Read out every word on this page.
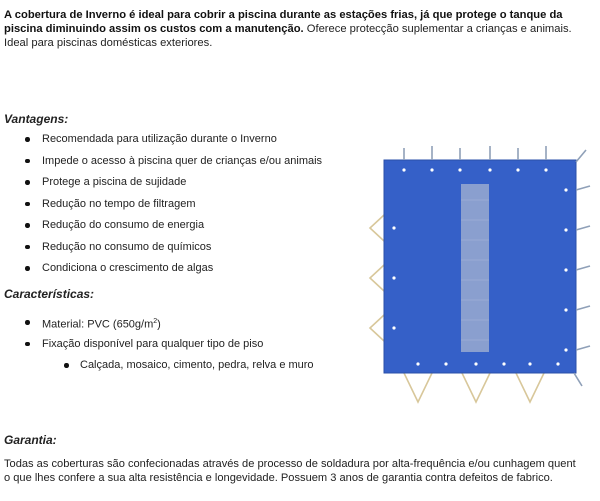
A cobertura de Inverno é ideal para cobrir a piscina durante as estações frias, já que protege o tanque da

piscina diminuindo assim os custos com a manutenção. Oferece protecção suplementar a crianças e animais.

Ideal para piscinas domésticas exteriores.

Vantagens:
Recomendada para utilização durante o Inverno
Impede o acesso à piscina quer de crianças e/ou animais
Protege a piscina de sujidade
Redução no tempo de filtragem
Redução do consumo de energia
Redução no consumo de químicos
Condiciona o crescimento de algas
Características:
Material: PVC $(650g/m^2)$
Fixação disponível para qualquer tipo de piso
Calçada, mosaico, cimento, pedra, relva e muro
Garantia:

Todas as coberturas são confecionadas através de processo de soldadura por alta-frequência e/ou cunhagem quent

o que lhes confere a sua alta resistência e longevidade. Possuem 3 anos de garantia contra defeitos de fabrico.
